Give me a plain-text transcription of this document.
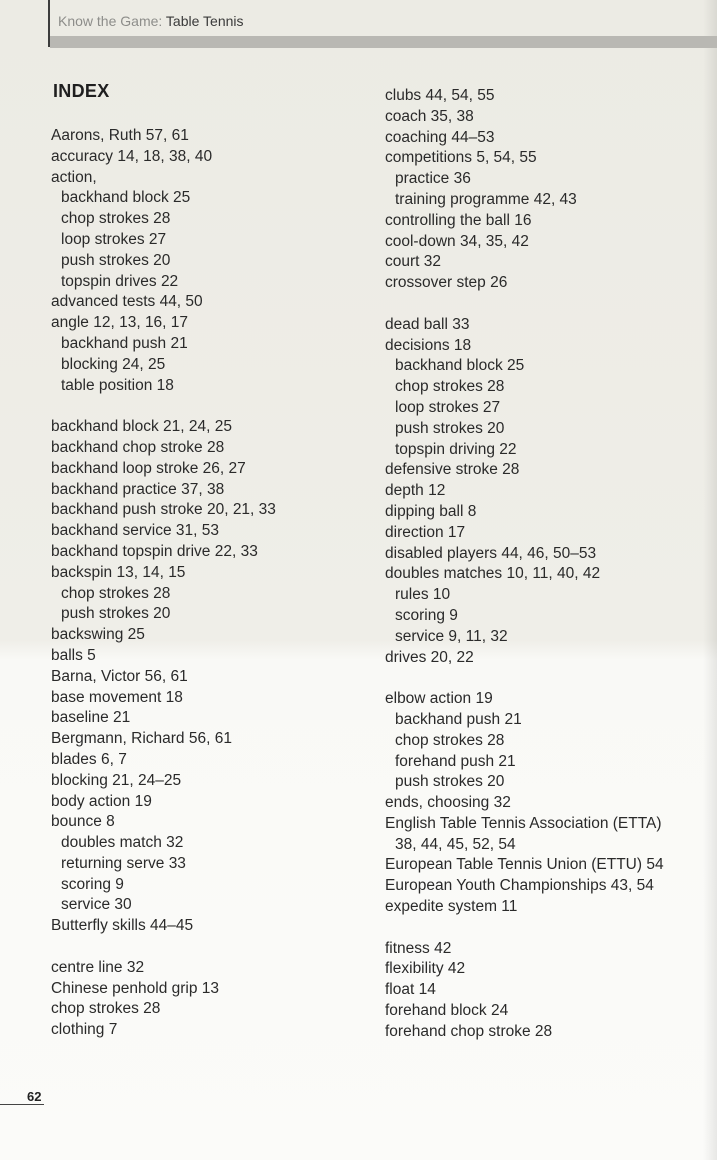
Know the Game: Table Tennis
INDEX
Aarons, Ruth 57, 61
accuracy 14, 18, 38, 40
action,
backhand block 25
chop strokes 28
loop strokes 27
push strokes 20
topspin drives 22
advanced tests 44, 50
angle 12, 13, 16, 17
backhand push 21
blocking 24, 25
table position 18
backhand block 21, 24, 25
backhand chop stroke 28
backhand loop stroke 26, 27
backhand practice 37, 38
backhand push stroke 20, 21, 33
backhand service 31, 53
backhand topspin drive 22, 33
backspin 13, 14, 15
chop strokes 28
push strokes 20
backswing 25
balls 5
Barna, Victor 56, 61
base movement 18
baseline 21
Bergmann, Richard 56, 61
blades 6, 7
blocking 21, 24–25
body action 19
bounce 8
doubles match 32
returning serve 33
scoring 9
service 30
Butterfly skills 44–45
centre line 32
Chinese penhold grip 13
chop strokes 28
clothing 7
clubs 44, 54, 55
coach 35, 38
coaching 44–53
competitions 5, 54, 55
practice 36
training programme 42, 43
controlling the ball 16
cool-down 34, 35, 42
court 32
crossover step 26
dead ball 33
decisions 18
backhand block 25
chop strokes 28
loop strokes 27
push strokes 20
topspin driving 22
defensive stroke 28
depth 12
dipping ball 8
direction 17
disabled players 44, 46, 50–53
doubles matches 10, 11, 40, 42
rules 10
scoring 9
service 9, 11, 32
drives 20, 22
elbow action 19
backhand push 21
chop strokes 28
forehand push 21
push strokes 20
ends, choosing 32
English Table Tennis Association (ETTA)
38, 44, 45, 52, 54
European Table Tennis Union (ETTU) 54
European Youth Championships 43, 54
expedite system 11
fitness 42
flexibility 42
float 14
forehand block 24
forehand chop stroke 28
62
